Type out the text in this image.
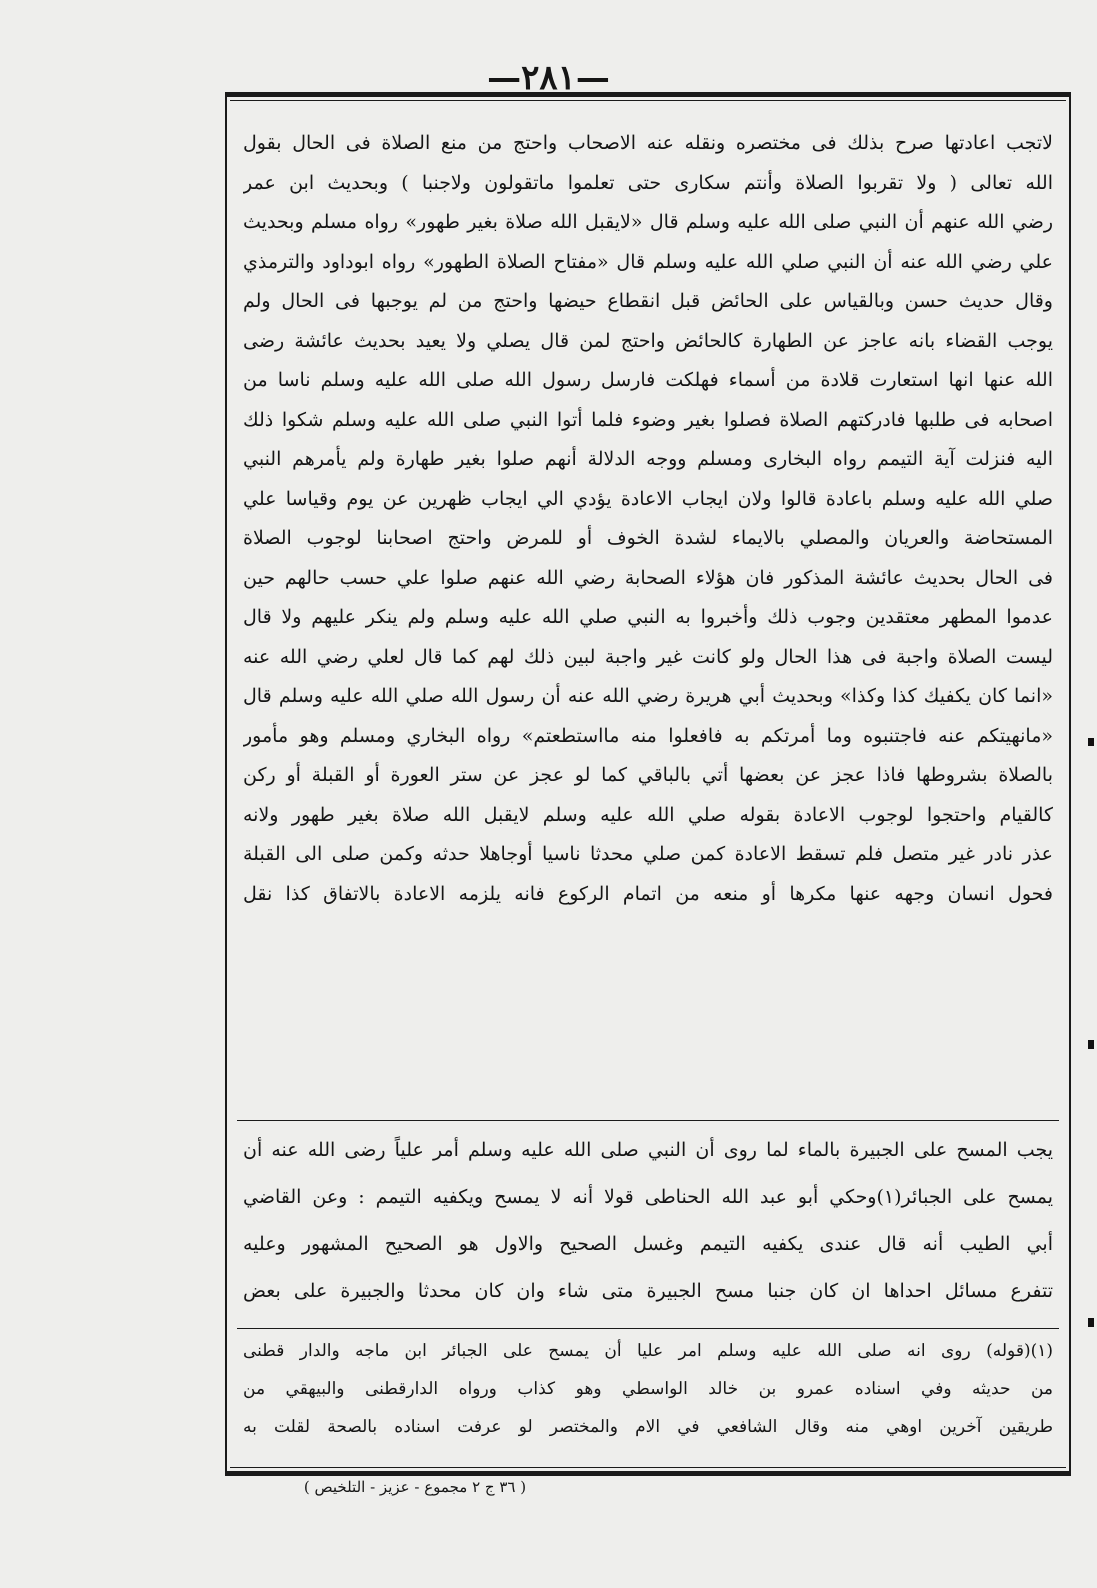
—٢٨١—
لاتجب اعادتها صرح بذلك فى مختصره ونقله عنه الاصحاب واحتج من منع الصلاة فى الحال بقول
الله تعالى ( ولا تقربوا الصلاة وأنتم سكارى حتى تعلموا ماتقولون ولاجنبا ) وبحديث ابن عمر
رضي الله عنهم أن النبي صلى الله عليه وسلم قال «لايقبل الله صلاة بغير طهور» رواه مسلم وبحديث
علي رضي الله عنه أن النبي صلي الله عليه وسلم قال «مفتاح الصلاة الطهور» رواه ابوداود والترمذي
وقال حديث حسن وبالقياس على الحائض قبل انقطاع حيضها واحتج من لم يوجبها فى الحال ولم
يوجب القضاء بانه عاجز عن الطهارة كالحائض واحتج لمن قال يصلي ولا يعيد بحديث عائشة رضى
الله عنها انها استعارت قلادة من أسماء فهلكت فارسل رسول الله صلى الله عليه وسلم ناسا من
اصحابه فى طلبها فادركتهم الصلاة فصلوا بغير وضوء فلما أتوا النبي صلى الله عليه وسلم شكوا ذلك
اليه فنزلت آية التيمم رواه البخارى ومسلم ووجه الدلالة أنهم صلوا بغير طهارة ولم يأمرهم النبي
صلي الله عليه وسلم باعادة قالوا ولان ايجاب الاعادة يؤدي الي ايجاب ظهرين عن يوم وقياسا علي
المستحاضة والعريان والمصلي بالايماء لشدة الخوف أو للمرض واحتج اصحابنا لوجوب الصلاة
فى الحال بحديث عائشة المذكور فان هؤلاء الصحابة رضي الله عنهم صلوا علي حسب حالهم حين
عدموا المطهر معتقدين وجوب ذلك وأخبروا به النبي صلي الله عليه وسلم ولم ينكر عليهم ولا قال
ليست الصلاة واجبة فى هذا الحال ولو كانت غير واجبة لبين ذلك لهم كما قال لعلي رضي الله عنه
«انما كان يكفيك كذا وكذا» وبحديث أبي هريرة رضي الله عنه أن رسول الله صلي الله عليه وسلم قال
«مانهيتكم عنه فاجتنبوه وما أمرتكم به فافعلوا منه مااستطعتم» رواه البخاري ومسلم وهو مأمور
بالصلاة بشروطها فاذا عجز عن بعضها أتي بالباقي كما لو عجز عن ستر العورة أو القبلة أو ركن
كالقيام واحتجوا لوجوب الاعادة بقوله صلي الله عليه وسلم لايقبل الله صلاة بغير طهور ولانه
عذر نادر غير متصل فلم تسقط الاعادة كمن صلي محدثا ناسيا أوجاهلا حدثه وكمن صلى الى القبلة
فحول انسان وجهه عنها مكرها أو منعه من اتمام الركوع فانه يلزمه الاعادة بالاتفاق كذا نقل
يجب المسح على الجبيرة بالماء لما روى أن النبي صلى الله عليه وسلم أمر علياً رضى الله عنه أن
يمسح على الجبائر(١)وحكي أبو عبد الله الحناطى قولا أنه لا يمسح ويكفيه التيمم : وعن القاضي
أبي الطيب أنه قال عندى يكفيه التيمم وغسل الصحيح والاول هو الصحيح المشهور وعليه
تتفرع مسائل احداها ان كان جنبا مسح الجبيرة متى شاء وان كان محدثا والجبيرة على بعض
(١)(قوله) روى انه صلى الله عليه وسلم امر عليا أن يمسح على الجبائر ابن ماجه والدار قطنى
من حديثه وفي اسناده عمرو بن خالد الواسطي وهو كذاب ورواه الدارقطنى والبيهقي من
طريقين آخرين اوهي منه وقال الشافعي في الام والمختصر لو عرفت اسناده بالصحة لقلت به
( ٣٦ ج ٢ مجموع - عزيز - التلخيص )
